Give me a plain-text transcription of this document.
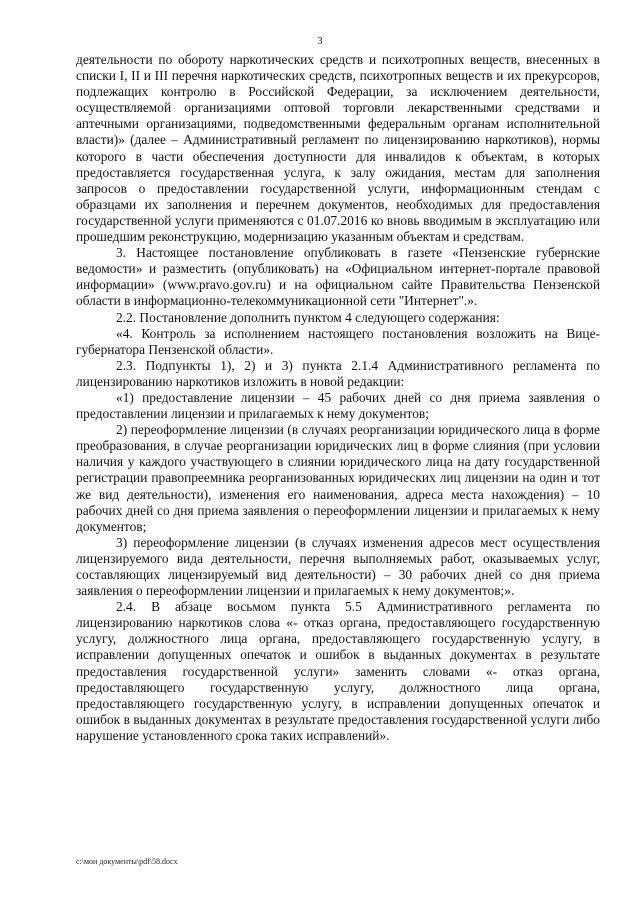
3

деятельности по обороту наркотических средств и психотропных веществ, внесенных в списки I, II и III перечня наркотических средств, психотропных веществ и их прекурсоров, подлежащих контролю в Российской Федерации, за исключением деятельности, осуществляемой организациями оптовой торговли лекарственными средствами и аптечными организациями, подведомственными федеральным органам исполнительной власти)» (далее – Административный регламент по лицензированию наркотиков), нормы которого в части обеспечения доступности для инвалидов к объектам, в которых предоставляется государственная услуга, к залу ожидания, местам для заполнения запросов о предоставлении государственной услуги, информационным стендам с образцами их заполнения и перечнем документов, необходимых для предоставления государственной услуги применяются с 01.07.2016 ко вновь вводимым в эксплуатацию или прошедшим реконструкцию, модернизацию указанным объектам и средствам.

3. Настоящее постановление опубликовать в газете «Пензенские губернские ведомости» и разместить (опубликовать) на «Официальном интернет-портале правовой информации» (www.pravo.gov.ru) и на официальном сайте Правительства Пензенской области в информационно-телекоммуникационной сети "Интернет".».

2.2. Постановление дополнить пунктом 4 следующего содержания:

«4. Контроль за исполнением настоящего постановления возложить на Вице-губернатора Пензенской области».

2.3. Подпункты 1), 2) и 3) пункта 2.1.4 Административного регламента по лицензированию наркотиков изложить в новой редакции:

«1) предоставление лицензии – 45 рабочих дней со дня приема заявления о предоставлении лицензии и прилагаемых к нему документов;

2) переоформление лицензии (в случаях реорганизации юридического лица в форме преобразования, в случае реорганизации юридических лиц в форме слияния (при условии наличия у каждого участвующего в слиянии юридического лица на дату государственной регистрации правопреемника реорганизованных юридических лиц лицензии на один и тот же вид деятельности), изменения его наименования, адреса места нахождения) – 10 рабочих дней со дня приема заявления о переоформлении лицензии и прилагаемых к нему документов;

3) переоформление лицензии (в случаях изменения адресов мест осуществления лицензируемого вида деятельности, перечня выполняемых работ, оказываемых услуг, составляющих лицензируемый вид деятельности) – 30 рабочих дней со дня приема заявления о переоформлении лицензии и прилагаемых к нему документов;».

2.4. В абзаце восьмом пункта 5.5 Административного регламента по лицензированию наркотиков слова «- отказ органа, предоставляющего государственную услугу, должностного лица органа, предоставляющего государственную услугу, в исправлении допущенных опечаток и ошибок в выданных документах в результате предоставления государственной услуги» заменить словами «- отказ органа, предоставляющего государственную услугу, должностного лица органа, предоставляющего государственную услугу, в исправлении допущенных опечаток и ошибок в выданных документах в результате предоставления государственной услуги либо нарушение установленного срока таких исправлений».

c:\мои документы\pdf\58.docx
